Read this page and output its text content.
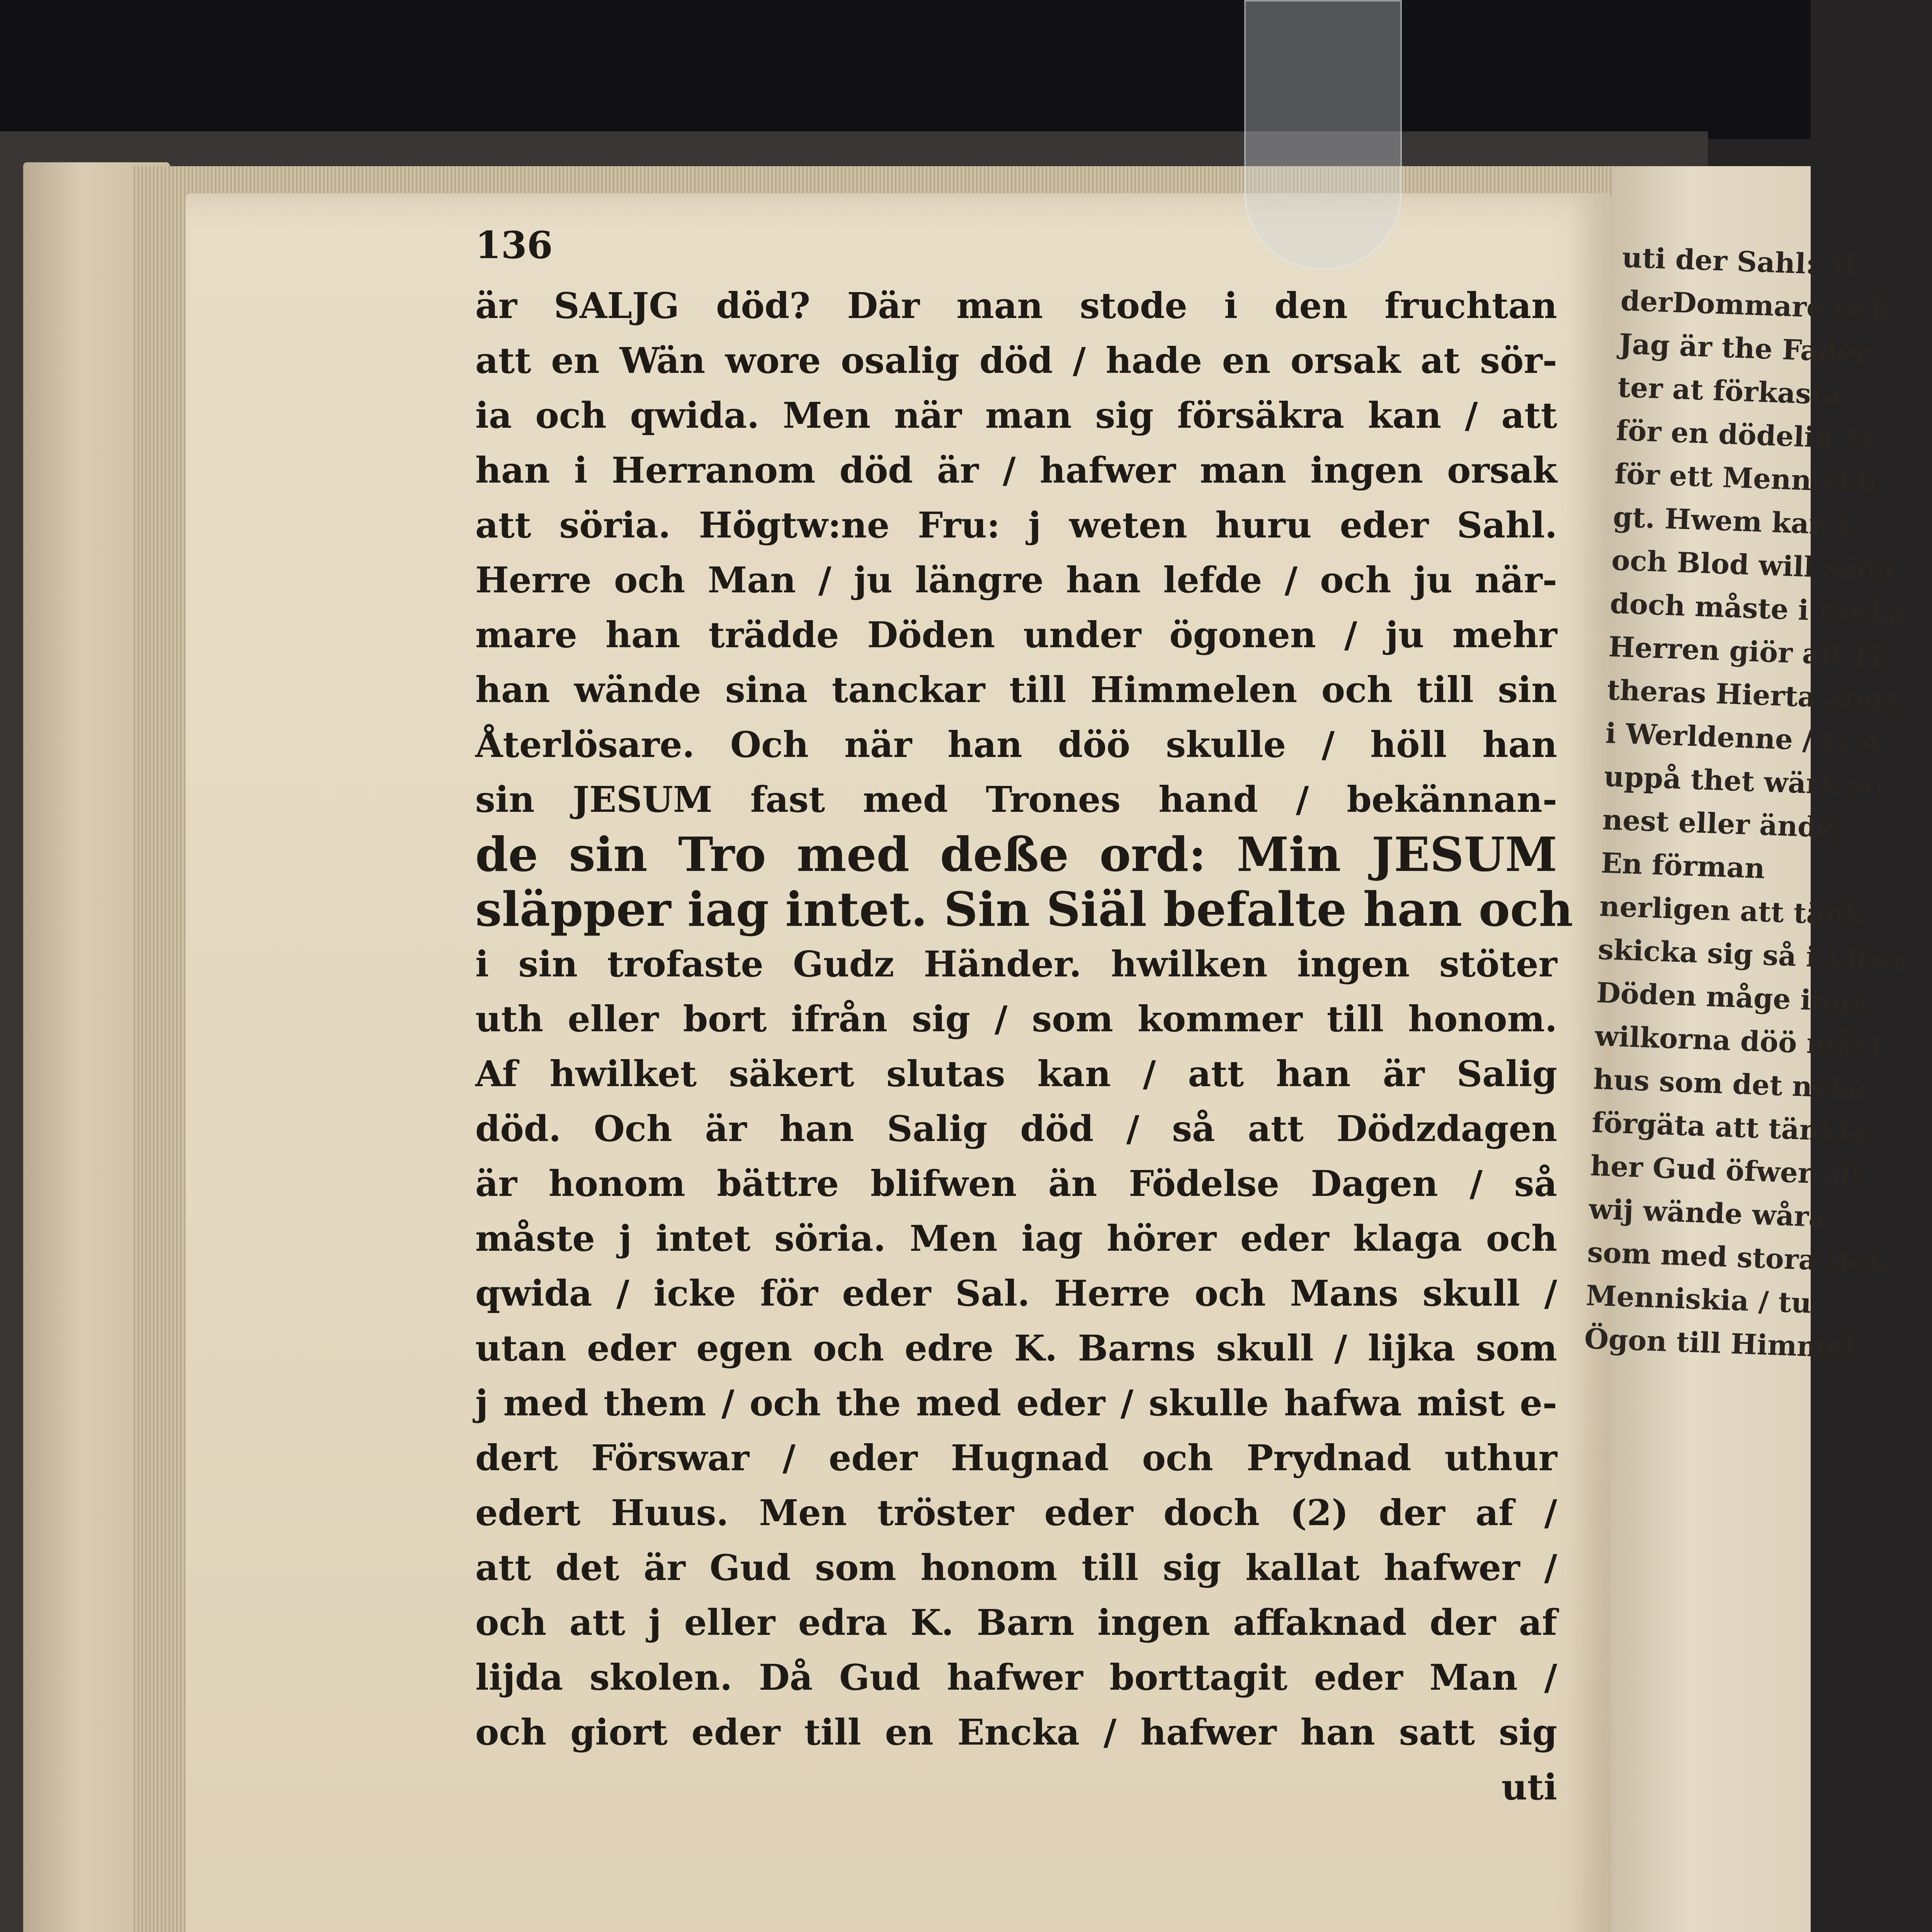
uti der Sahl: M
derDommare och
Jag är the Fader
ter at förkasta
för en dödelig M
för ett Menniskli
gt. Hwem kan f
och Blod will säda
doch måste i tänka
Herren giör all Ti
theras Hierta ängs
i Werldenne / ty A
uppå thet wärk so
nest eller ände.
En förman
nerligen att tänk
skicka sig så i Lifwe
Döden måge ingå
wilkorna döö måst
hus som det neka
förgäta att tänkia
her Gud öfwer alt
wij wände wåra
som med stora Bok
Menniskia / tu
Ögon till Himmel
136
är SALJG död? Där man stode i den fruchtan
att en Wän wore osalig död / hade en orsak at sör-
ia och qwida. Men när man sig försäkra kan / att
han i Herranom död är / hafwer man ingen orsak
att söria. Högtw:ne Fru: j weten huru eder Sahl.
Herre och Man / ju längre han lefde / och ju när-
mare han trädde Döden under ögonen / ju mehr
han wände sina tanckar till Himmelen och till sin
Återlösare. Och när han döö skulle / höll han
sin JESUM fast med Trones hand / bekännan-
de sin Tro med deße ord: Min JESUM
släpper iag intet. Sin Siäl befalte han och
i sin trofaste Gudz Händer. hwilken ingen stöter
uth eller bort ifrån sig / som kommer till honom.
Af hwilket säkert slutas kan / att han är Salig
död. Och är han Salig död / så att Dödzdagen
är honom bättre blifwen än Födelse Dagen / så
måste j intet söria. Men iag hörer eder klaga och
qwida / icke för eder Sal. Herre och Mans skull /
utan eder egen och edre K. Barns skull / lijka som
j med them / och the med eder / skulle hafwa mist e-
dert Förswar / eder Hugnad och Prydnad uthur
edert Huus. Men tröster eder doch (2) der af /
att det är Gud som honom till sig kallat hafwer /
och att j eller edra K. Barn ingen affaknad der af
lijda skolen. Då Gud hafwer borttagit eder Man /
och giort eder till en Encka / hafwer han satt sig
uti
